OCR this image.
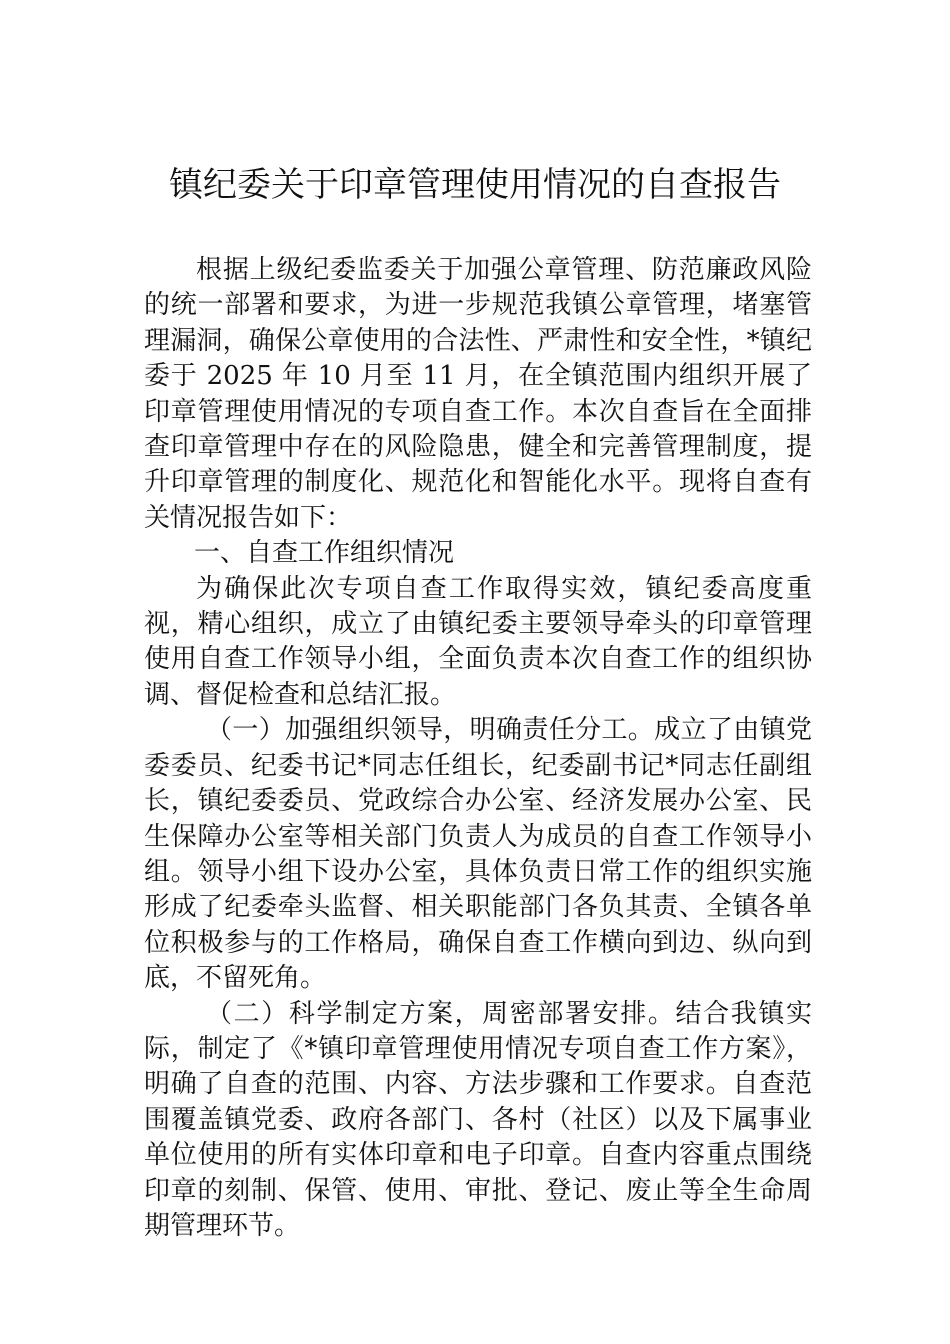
镇纪委关于印章管理使用情况的自查报告

根据上级纪委监委关于加强公章管理、防范廉政风险的统一部署和要求，为进一步规范我镇公章管理，堵塞管理漏洞，确保公章使用的合法性、严肃性和安全性，*镇纪委于 2025 年 10 月至 11 月，在全镇范围内组织开展了印章管理使用情况的专项自查工作。本次自查旨在全面排查印章管理中存在的风险隐患，健全和完善管理制度，提升印章管理的制度化、规范化和智能化水平。现将自查有关情况报告如下：

一、自查工作组织情况

为确保此次专项自查工作取得实效，镇纪委高度重视，精心组织，成立了由镇纪委主要领导牵头的印章管理使用自查工作领导小组，全面负责本次自查工作的组织协调、督促检查和总结汇报。

（一）加强组织领导，明确责任分工。成立了由镇党委委员、纪委书记*同志任组长，纪委副书记*同志任副组长，镇纪委委员、党政综合办公室、经济发展办公室、民生保障办公室等相关部门负责人为成员的自查工作领导小组。领导小组下设办公室，具体负责日常工作的组织实施形成了纪委牵头监督、相关职能部门各负其责、全镇各单位积极参与的工作格局，确保自查工作横向到边、纵向到底，不留死角。

（二）科学制定方案，周密部署安排。结合我镇实际，制定了《*镇印章管理使用情况专项自查工作方案》，明确了自查的范围、内容、方法步骤和工作要求。自查范围覆盖镇党委、政府各部门、各村（社区）以及下属事业单位使用的所有实体印章和电子印章。自查内容重点围绕印章的刻制、保管、使用、审批、登记、废止等全生命周期管理环节。
